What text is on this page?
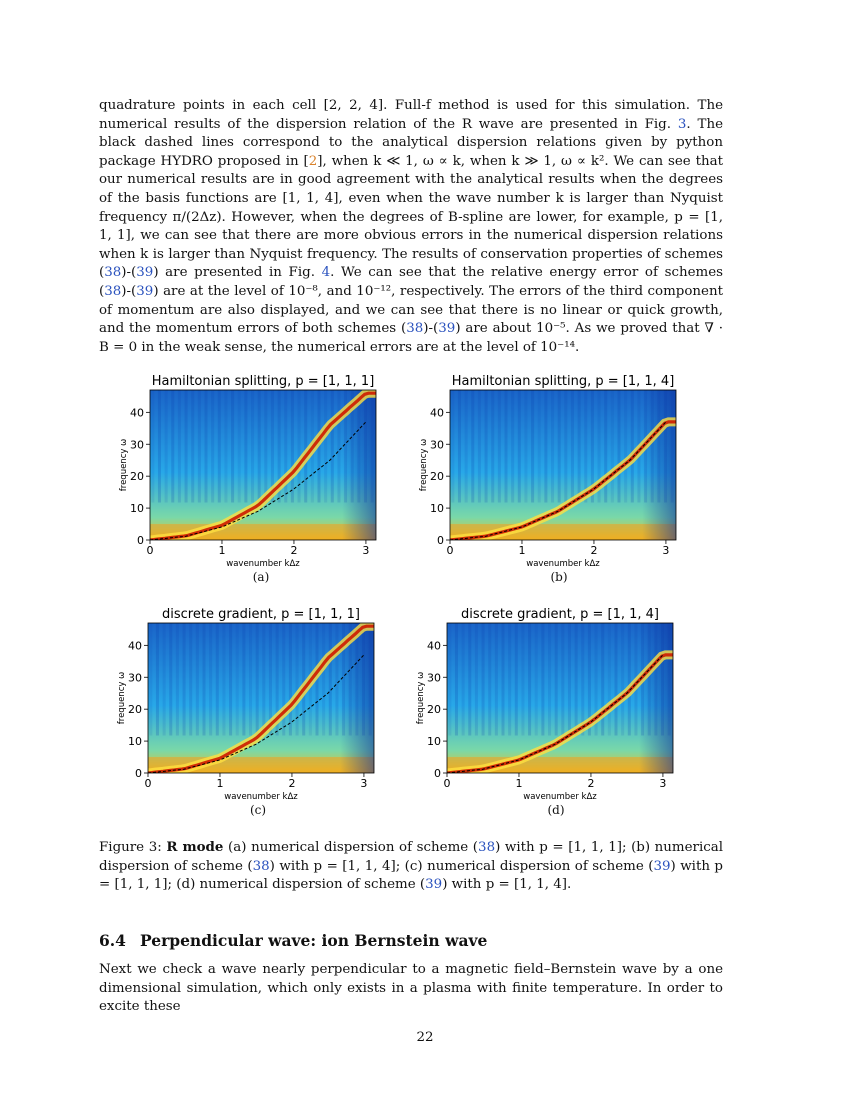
quadrature points in each cell [2, 2, 4]. Full-f method is used for this simulation. The numerical results of the dispersion relation of the R wave are presented in Fig. 3. The black dashed lines correspond to the analytical dispersion relations given by python package HYDRO proposed in [2], when k ≪ 1, ω ∝ k, when k ≫ 1, ω ∝ k². We can see that our numerical results are in good agreement with the analytical results when the degrees of the basis functions are [1, 1, 4], even when the wave number k is larger than Nyquist frequency π/(2Δz). However, when the degrees of B-spline are lower, for example, p = [1, 1, 1], we can see that there are more obvious errors in the numerical dispersion relations when k is larger than Nyquist frequency. The results of conservation properties of schemes (38)-(39) are presented in Fig. 4. We can see that the relative energy error of schemes (38)-(39) are at the level of 10⁻⁸, and 10⁻¹², respectively. The errors of the third component of momentum are also displayed, and we can see that there is no linear or quick growth, and the momentum errors of both schemes (38)-(39) are about 10⁻⁵. As we proved that ∇ · B = 0 in the weak sense, the numerical errors are at the level of 10⁻¹⁴.

0	1	2	3
0
10
20
30
40
Hamiltonian splitting, p = [1, 1, 1]
wavenumber kΔz
frequency ω
(a)
0	1	2	3
0
10
20
30
40
Hamiltonian splitting, p = [1, 1, 4]
wavenumber kΔz
frequency ω
(b)
0	1	2	3
0
10
20
30
40
discrete gradient, p = [1, 1, 1]
wavenumber kΔz
frequency ω
(c)
0	1	2	3
0
10
20
30
40
discrete gradient, p = [1, 1, 4]
wavenumber kΔz
frequency ω
(d)

Figure 3: R mode (a) numerical dispersion of scheme (38) with p = [1, 1, 1]; (b) numerical dispersion of scheme (38) with p = [1, 1, 4]; (c) numerical dispersion of scheme (39) with p = [1, 1, 1]; (d) numerical dispersion of scheme (39) with p = [1, 1, 4].

6.4 Perpendicular wave: ion Bernstein wave

Next we check a wave nearly perpendicular to a magnetic field–Bernstein wave by a one dimensional simulation, which only exists in a plasma with finite temperature. In order to excite these

22
